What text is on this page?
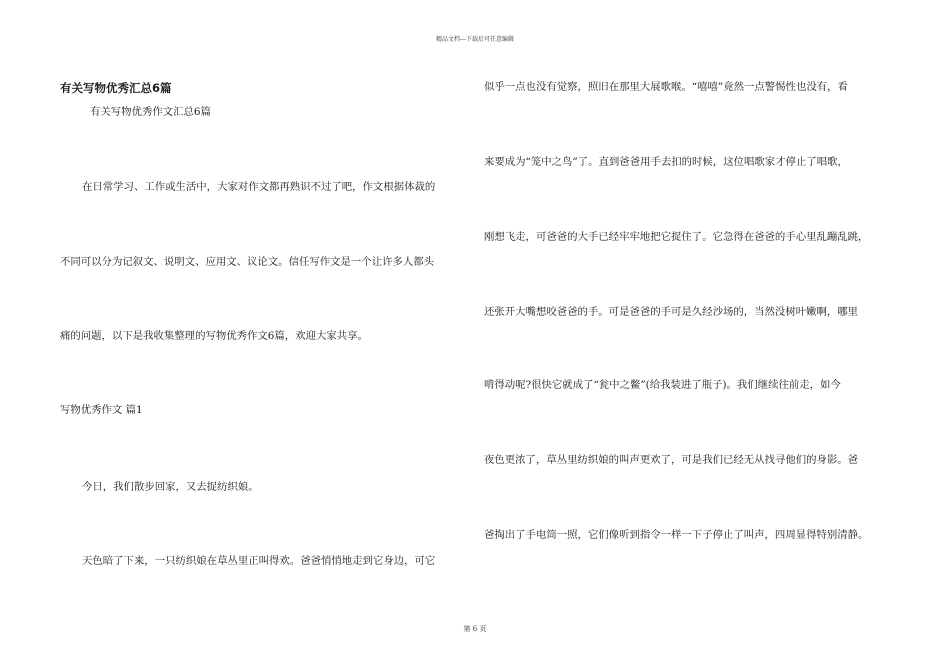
精品文档---下载后可任意编辑
有关写物优秀汇总6篇
有关写物优秀作文汇总6篇
在日常学习、工作或生活中，大家对作文都再熟识不过了吧，作文根据体裁的
不同可以分为记叙文、说明文、应用文、议论文。信任写作文是一个让许多人都头
痛的问题，以下是我收集整理的写物优秀作文6篇，欢迎大家共享。
写物优秀作文 篇1
今日，我们散步回家，又去捉纺织娘。
天色暗了下来，一只纺织娘在草丛里正叫得欢。爸爸悄悄地走到它身边，可它
似乎一点也没有觉察，照旧在那里大展歌喉。“嘻嘻”竟然一点警惕性也没有，看
来要成为“笼中之鸟”了。直到爸爸用手去扣的时候，这位唱歌家才停止了唱歌，
刚想飞走，可爸爸的大手已经牢牢地把它捉住了。它急得在爸爸的手心里乱蹦乱跳，
还张开大嘴想咬爸爸的手。可是爸爸的手可是久经沙场的，当然没树叶嫩啊，哪里
啃得动呢?很快它就成了“瓮中之鳖”(给我装进了瓶子)。我们继续往前走，如今
夜色更浓了，草丛里纺织娘的叫声更欢了，可是我们已经无从找寻他们的身影。爸
爸掏出了手电筒一照，它们像听到指令一样一下子停止了叫声，四周显得特别清静。
第 6 页
